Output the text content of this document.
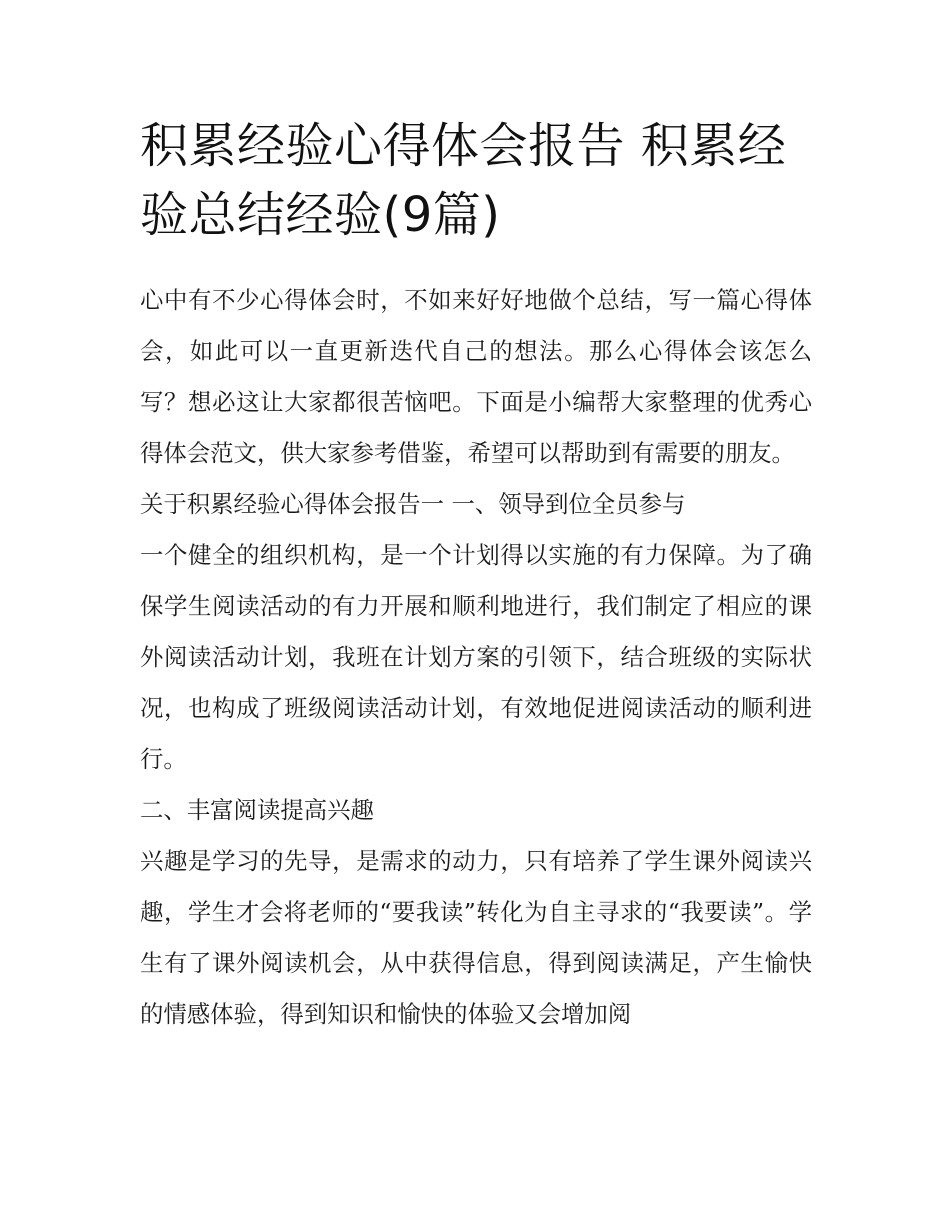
积累经验心得体会报告 积累经验总结经验(9篇)

心中有不少心得体会时，不如来好好地做个总结，写一篇心得体会，如此可以一直更新迭代自己的想法。那么心得体会该怎么写？想必这让大家都很苦恼吧。下面是小编帮大家整理的优秀心得体会范文，供大家参考借鉴，希望可以帮助到有需要的朋友。

关于积累经验心得体会报告一 一、领导到位全员参与

一个健全的组织机构，是一个计划得以实施的有力保障。为了确保学生阅读活动的有力开展和顺利地进行，我们制定了相应的课外阅读活动计划，我班在计划方案的引领下，结合班级的实际状况，也构成了班级阅读活动计划，有效地促进阅读活动的顺利进行。

二、丰富阅读提高兴趣

兴趣是学习的先导，是需求的动力，只有培养了学生课外阅读兴趣，学生才会将老师的“要我读”转化为自主寻求的“我要读”。学生有了课外阅读机会，从中获得信息，得到阅读满足，产生愉快的情感体验，得到知识和愉快的体验又会增加阅
